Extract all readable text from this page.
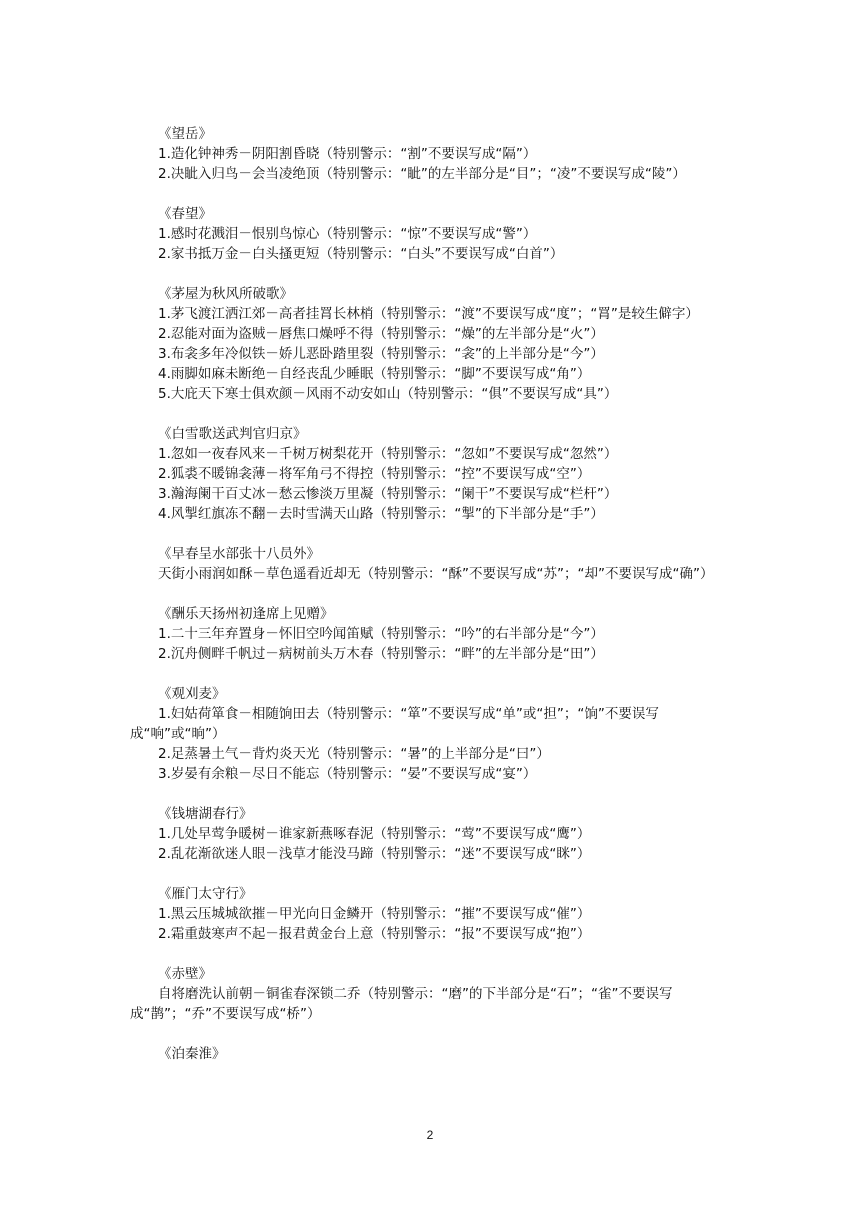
《望岳》

1.造化钟神秀－阴阳割昏晓（特别警示：“割”不要误写成“隔”）

2.决眦入归鸟－会当凌绝顶（特别警示：“眦”的左半部分是“目”；“凌”不要误写成“陵”）

《春望》

1.感时花溅泪－恨别鸟惊心（特别警示：“惊”不要误写成“警”）

2.家书抵万金－白头搔更短（特别警示：“白头”不要误写成“白首”）

《茅屋为秋风所破歌》

1.茅飞渡江洒江郊－高者挂罥长林梢（特别警示：“渡”不要误写成“度”；“罥”是较生僻字）

2.忍能对面为盗贼－唇焦口燥呼不得（特别警示：“燥”的左半部分是“火”）

3.布衾多年冷似铁－娇儿恶卧踏里裂（特别警示：“衾”的上半部分是“今”）

4.雨脚如麻未断绝－自经丧乱少睡眠（特别警示：“脚”不要误写成“角”）

5.大庇天下寒士俱欢颜－风雨不动安如山（特别警示：“俱”不要误写成“具”）

《白雪歌送武判官归京》

1.忽如一夜春风来－千树万树梨花开（特别警示：“忽如”不要误写成“忽然”）

2.狐裘不暖锦衾薄－将军角弓不得控（特别警示：“控”不要误写成“空”）

3.瀚海阑干百丈冰－愁云惨淡万里凝（特别警示：“阑干”不要误写成“栏杆”）

4.风掣红旗冻不翻－去时雪满天山路（特别警示：“掣”的下半部分是“手”）

《早春呈水部张十八员外》

天街小雨润如酥－草色遥看近却无（特别警示：“酥”不要误写成“苏”；“却”不要误写成“确”）

《酬乐天扬州初逢席上见赠》

1.二十三年弃置身－怀旧空吟闻笛赋（特别警示：“吟”的右半部分是“今”）

2.沉舟侧畔千帆过－病树前头万木春（特别警示：“畔”的左半部分是“田”）

《观刈麦》

1.妇姑荷箪食－相随饷田去（特别警示：“箪”不要误写成“单”或“担”；“饷”不要误写成“响”或“晌”）

2.足蒸暑土气－背灼炎天光（特别警示：“暑”的上半部分是“曰”）

3.岁晏有余粮－尽日不能忘（特别警示：“晏”不要误写成“宴”）

《钱塘湖春行》

1.几处早莺争暖树－谁家新燕啄春泥（特别警示：“莺”不要误写成“鹰”）

2.乱花渐欲迷人眼－浅草才能没马蹄（特别警示：“迷”不要误写成“眯”）

《雁门太守行》

1.黑云压城城欲摧－甲光向日金鳞开（特别警示：“摧”不要误写成“催”）

2.霜重鼓寒声不起－报君黄金台上意（特别警示：“报”不要误写成“抱”）

《赤壁》

自将磨洗认前朝－铜雀春深锁二乔（特别警示：“磨”的下半部分是“石”；“雀”不要误写成“鹊”；“乔”不要误写成“桥”）

《泊秦淮》

2
